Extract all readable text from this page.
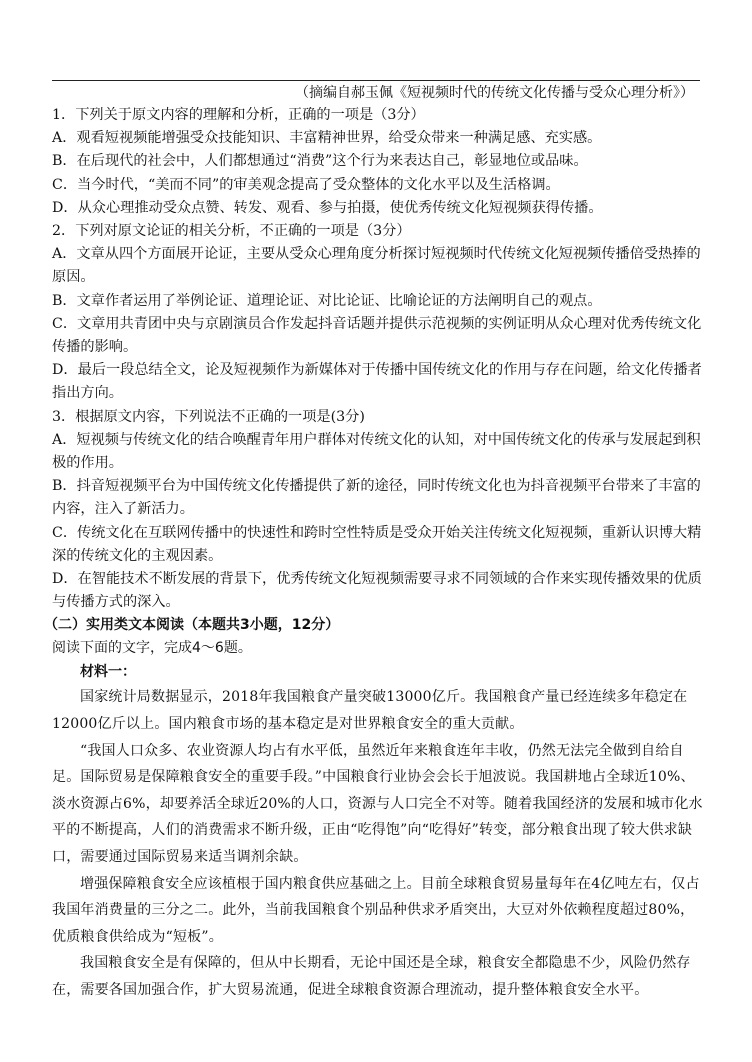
（摘编自郝玉佩《短视频时代的传统文化传播与受众心理分析》）

1．下列关于原文内容的理解和分析，正确的一项是（3分）

A．观看短视频能增强受众技能知识、丰富精神世界，给受众带来一种满足感、充实感。

B．在后现代的社会中，人们都想通过“消费”这个行为来表达自己，彰显地位或品味。

C．当今时代，“美而不同”的审美观念提高了受众整体的文化水平以及生活格调。

D．从众心理推动受众点赞、转发、观看、参与拍摄，使优秀传统文化短视频获得传播。

2．下列对原文论证的相关分析，不正确的一项是（3分）

A．文章从四个方面展开论证，主要从受众心理角度分析探讨短视频时代传统文化短视频传播倍受热捧的原因。

B．文章作者运用了举例论证、道理论证、对比论证、比喻论证的方法阐明自己的观点。

C．文章用共青团中央与京剧演员合作发起抖音话题并提供示范视频的实例证明从众心理对优秀传统文化传播的影响。

D．最后一段总结全文，论及短视频作为新媒体对于传播中国传统文化的作用与存在问题，给文化传播者指出方向。

3．根据原文内容，下列说法不正确的一项是(3分)

A．短视频与传统文化的结合唤醒青年用户群体对传统文化的认知，对中国传统文化的传承与发展起到积极的作用。

B．抖音短视频平台为中国传统文化传播提供了新的途径，同时传统文化也为抖音视频平台带来了丰富的内容，注入了新活力。

C．传统文化在互联网传播中的快速性和跨时空性特质是受众开始关注传统文化短视频，重新认识博大精深的传统文化的主观因素。

D．在智能技术不断发展的背景下，优秀传统文化短视频需要寻求不同领域的合作来实现传播效果的优质与传播方式的深入。

（二）实用类文本阅读（本题共3小题，12分）
阅读下面的文字，完成4～6题。
材料一：

国家统计局数据显示，2018年我国粮食产量突破13000亿斤。我国粮食产量已经连续多年稳定在12000亿斤以上。国内粮食市场的基本稳定是对世界粮食安全的重大贡献。

“我国人口众多、农业资源人均占有水平低，虽然近年来粮食连年丰收，仍然无法完全做到自给自足。国际贸易是保障粮食安全的重要手段。”中国粮食行业协会会长于旭波说。我国耕地占全球近10%、淡水资源占6%，却要养活全球近20%的人口，资源与人口完全不对等。随着我国经济的发展和城市化水平的不断提高，人们的消费需求不断升级，正由“吃得饱”向“吃得好”转变，部分粮食出现了较大供求缺口，需要通过国际贸易来适当调剂余缺。

增强保障粮食安全应该植根于国内粮食供应基础之上。目前全球粮食贸易量每年在4亿吨左右，仅占我国年消费量的三分之二。此外，当前我国粮食个别品种供求矛盾突出，大豆对外依赖程度超过80%，优质粮食供给成为“短板”。

我国粮食安全是有保障的，但从中长期看，无论中国还是全球，粮食安全都隐患不少，风险仍然存在，需要各国加强合作，扩大贸易流通，促进全球粮食资源合理流动，提升整体粮食安全水平。
